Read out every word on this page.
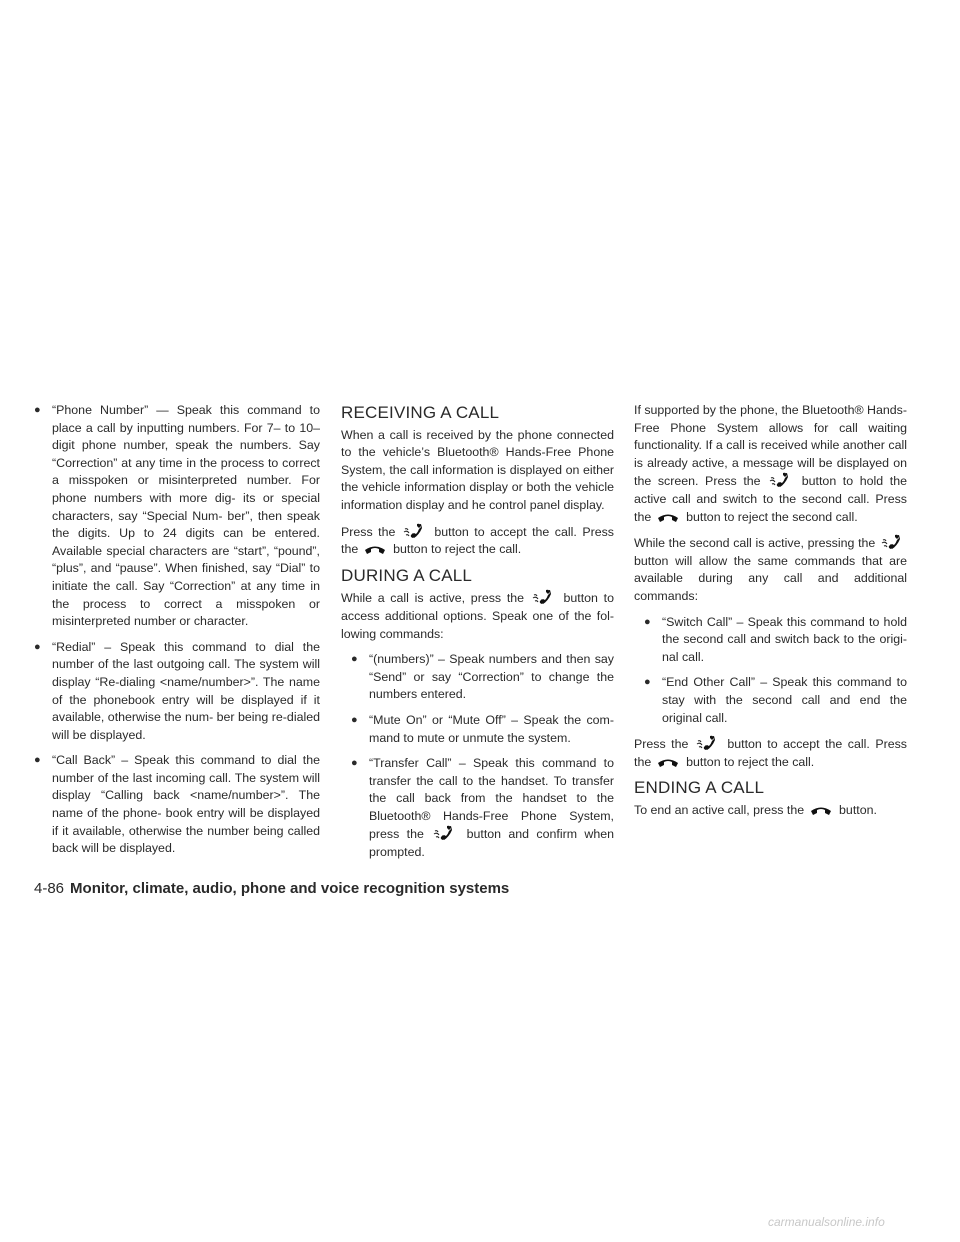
●
“Phone Number” — Speak this command to place a call by inputting numbers. For 7– to 10–digit phone number, speak the numbers. Say “Correction” at any time in the process to correct a misspoken or misinterpreted number. For phone numbers with more dig- its or special characters, say “Special Num- ber”, then speak the digits. Up to 24 digits can be entered. Available special characters are “start”, “pound”, “plus”, and “pause”. When finished, say “Dial” to initiate the call. Say “Correction” at any time in the process to correct a misspoken or misinterpreted number or character.
●
“Redial” – Speak this command to dial the number of the last outgoing call. The system will display “Re-dialing <name/number>”. The name of the phonebook entry will be displayed if it available, otherwise the num- ber being re-dialed will be displayed.
●
“Call Back” – Speak this command to dial the number of the last incoming call. The system will display “Calling back <name/number>”. The name of the phone- book entry will be displayed if it available, otherwise the number being called back will be displayed.
RECEIVING A CALL

When a call is received by the phone connected to the vehicle’s Bluetooth® Hands-Free Phone System, the call information is displayed on either the vehicle information display or both the vehicle information display and he control panel display.

Press the	button to accept the call. Press the	button to reject the call.

DURING A CALL

While a call is active, press the	button to access additional options. Speak one of the fol- lowing commands:

●
“(numbers)” – Speak numbers and then say “Send” or say “Correction” to change the numbers entered.
●
“Mute On” or “Mute Off” – Speak the com- mand to mute or unmute the system.
●
“Transfer Call” – Speak this command to transfer the call to the handset. To transfer the call back from the handset to the Bluetooth® Hands-Free Phone System, press the	button and confirm when prompted.

If supported by the phone, the Bluetooth® Hands-Free Phone System allows for call waiting functionality. If a call is received while another call is already active, a message will be displayed on the screen. Press the	button to hold the active call and switch to the second call. Press the	button to reject the second call.

While the second call is active, pressing the  button will allow the same commands that are available during any call and additional commands:

●
“Switch Call” – Speak this command to hold the second call and switch back to the origi- nal call.
●
“End Other Call” – Speak this command to stay with the second call and end the original call.

Press the	button to accept the call. Press the	button to reject the call.

ENDING A CALL

To end an active call, press the	button.

4-86 Monitor, climate, audio, phone and voice recognition systems
carmanualsonline.info
